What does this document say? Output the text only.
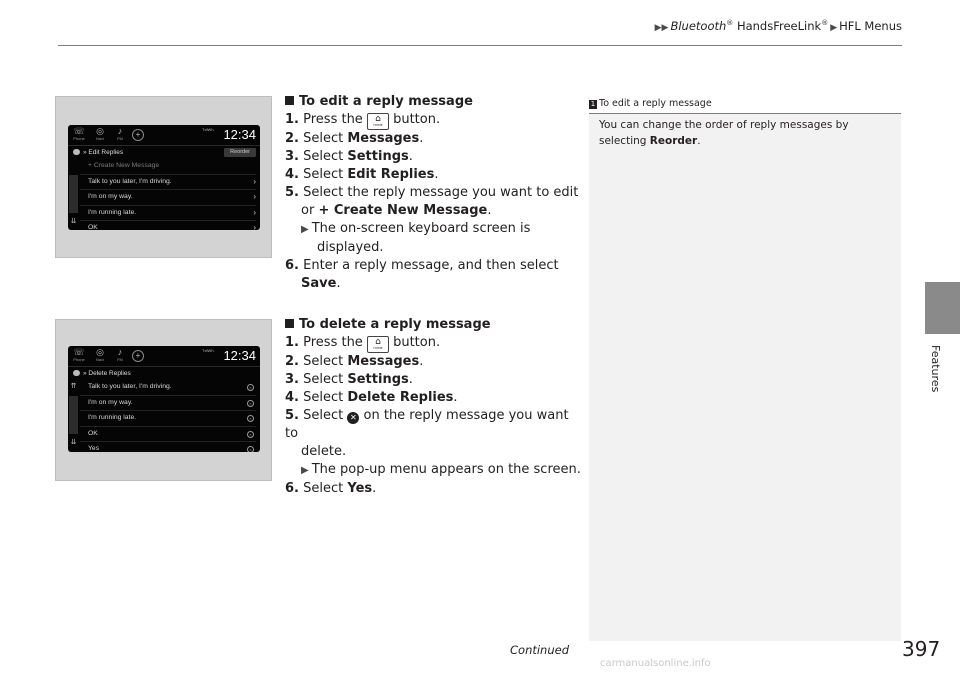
▶▶ Bluetooth® HandsFreeLink® ▶ HFL Menus
Features
☏
Phone
◎
Navi
♪
FM	+
TxtWh 12:34
» Edit Replies	Reorder
⇊
+ Create New Message
Talk to you later, I'm driving.	›
I'm on my way.	›
I'm running late.	›
OK	›
☏
Phone
◎
Navi
♪
FM	+
TxtWh 12:34
» Delete Replies
⇈
⇊
Talk to you later, I'm driving.	×
I'm on my way.	×
I'm running late.	×
OK	×
Yes	×
To edit a reply message
1. Press the	⌂
HOME button.
2. Select Messages.
3. Select Settings.
4. Select Edit Replies.
5. Select the reply message you want to edit
or + Create New Message.
▶ The on-screen keyboard screen is
displayed.
6. Enter a reply message, and then select
Save.
To delete a reply message
1. Press the	⌂
HOME button.
2. Select Messages.
3. Select Settings.
4. Select Delete Replies.
5. Select ✕ on the reply message you want to
delete.
▶ The pop-up menu appears on the screen.
6. Select Yes.
1 To edit a reply message
You can change the order of reply messages by
selecting Reorder.
Continued	397
carmanualsonline.info
